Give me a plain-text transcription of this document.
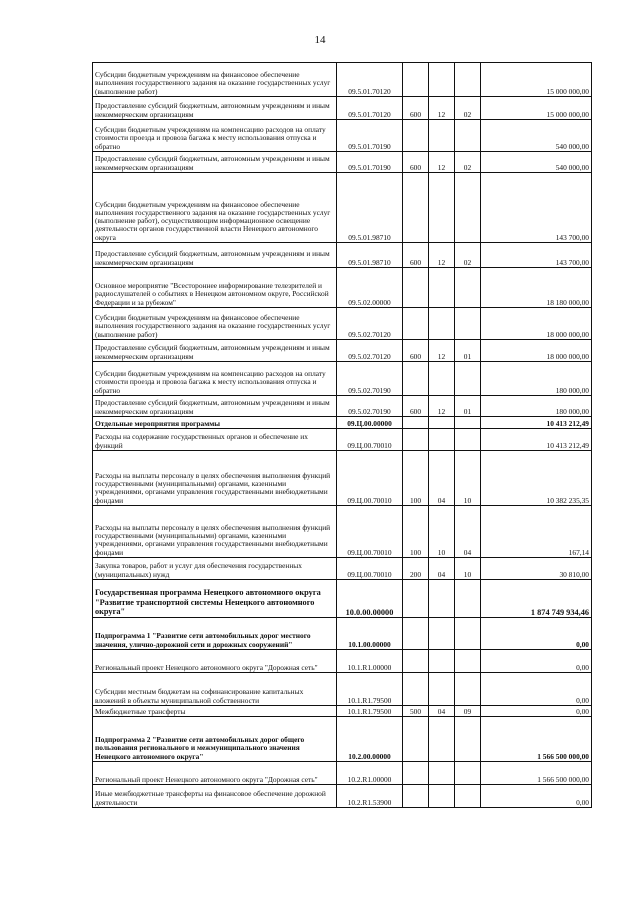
14
Субсидии бюджетным учреждениям на финансовое обеспечение выполнения государственного задания на оказание государственных услуг (выполнение работ)	09.5.01.70120				15 000 000,00
Предоставление субсидий бюджетным, автономным учреждениям и иным некоммерческим организациям	09.5.01.70120	600	12	02	15 000 000,00
Субсидии бюджетным учреждениям на компенсацию расходов на оплату стоимости проезда и провоза багажа к месту использования отпуска и обратно	09.5.01.70190				540 000,00
Предоставление субсидий бюджетным, автономным учреждениям и иным некоммерческим организациям	09.5.01.70190	600	12	02	540 000,00
Субсидии бюджетным учреждениям на финансовое обеспечение выполнения государственного задания на оказание государственных услуг (выполнение работ), осуществляющим информационное освещение деятельности органов государственной власти Ненецкого автономного округа	09.5.01.98710				143 700,00
Предоставление субсидий бюджетным, автономным учреждениям и иным некоммерческим организациям	09.5.01.98710	600	12	02	143 700,00
Основное мероприятие "Всестороннее информирование телезрителей и радиослушателей о событиях в Ненецком автономном округе, Российской Федерации и за рубежом"	09.5.02.00000				18 180 000,00
Субсидии бюджетным учреждениям на финансовое обеспечение выполнения государственного задания на оказание государственных услуг (выполнение работ)	09.5.02.70120				18 000 000,00
Предоставление субсидий бюджетным, автономным учреждениям и иным некоммерческим организациям	09.5.02.70120	600	12	01	18 000 000,00
Субсидии бюджетным учреждениям на компенсацию расходов на оплату стоимости проезда и провоза багажа к месту использования отпуска и обратно	09.5.02.70190				180 000,00
Предоставление субсидий бюджетным, автономным учреждениям и иным некоммерческим организациям	09.5.02.70190	600	12	01	180 000,00
Отдельные мероприятия программы	09.Ц.00.00000				10 413 212,49
Расходы на содержание государственных органов и обеспечение их функций	09.Ц.00.70010				10 413 212,49
Расходы на выплаты персоналу в целях обеспечения выполнения функций государственными (муниципальными) органами, казенными учреждениями, органами управления государственными внебюджетными фондами	09.Ц.00.70010	100	04	10	10 382 235,35
Расходы на выплаты персоналу в целях обеспечения выполнения функций государственными (муниципальными) органами, казенными учреждениями, органами управления государственными внебюджетными фондами	09.Ц.00.70010	100	10	04	167,14
Закупка товаров, работ и услуг для обеспечения государственных (муниципальных) нужд	09.Ц.00.70010	200	04	10	30 810,00
Государственная программа Ненецкого автономного округа "Развитие транспортной системы Ненецкого автономного округа"	10.0.00.00000				1 874 749 934,46
Подпрограмма 1 "Развитие сети автомобильных дорог местного значения, улично-дорожной сети и дорожных сооружений"	10.1.00.00000				0,00
Региональный проект Ненецкого автономного округа "Дорожная сеть"	10.1.R1.00000				0,00
Субсидии местным бюджетам на софинансирование капитальных вложений в объекты муниципальной собственности	10.1.R1.79500				0,00
Межбюджетные трансферты	10.1.R1.79500	500	04	09	0,00
Подпрограмма 2 "Развитие сети автомобильных дорог общего пользования регионального и межмуниципального значения Ненецкого автономного округа"	10.2.00.00000				1 566 500 000,00
Региональный проект Ненецкого автономного округа "Дорожная сеть"	10.2.R1.00000				1 566 500 000,00
Иные межбюджетные трансферты на финансовое обеспечение дорожной деятельности	10.2.R1.53900				0,00
